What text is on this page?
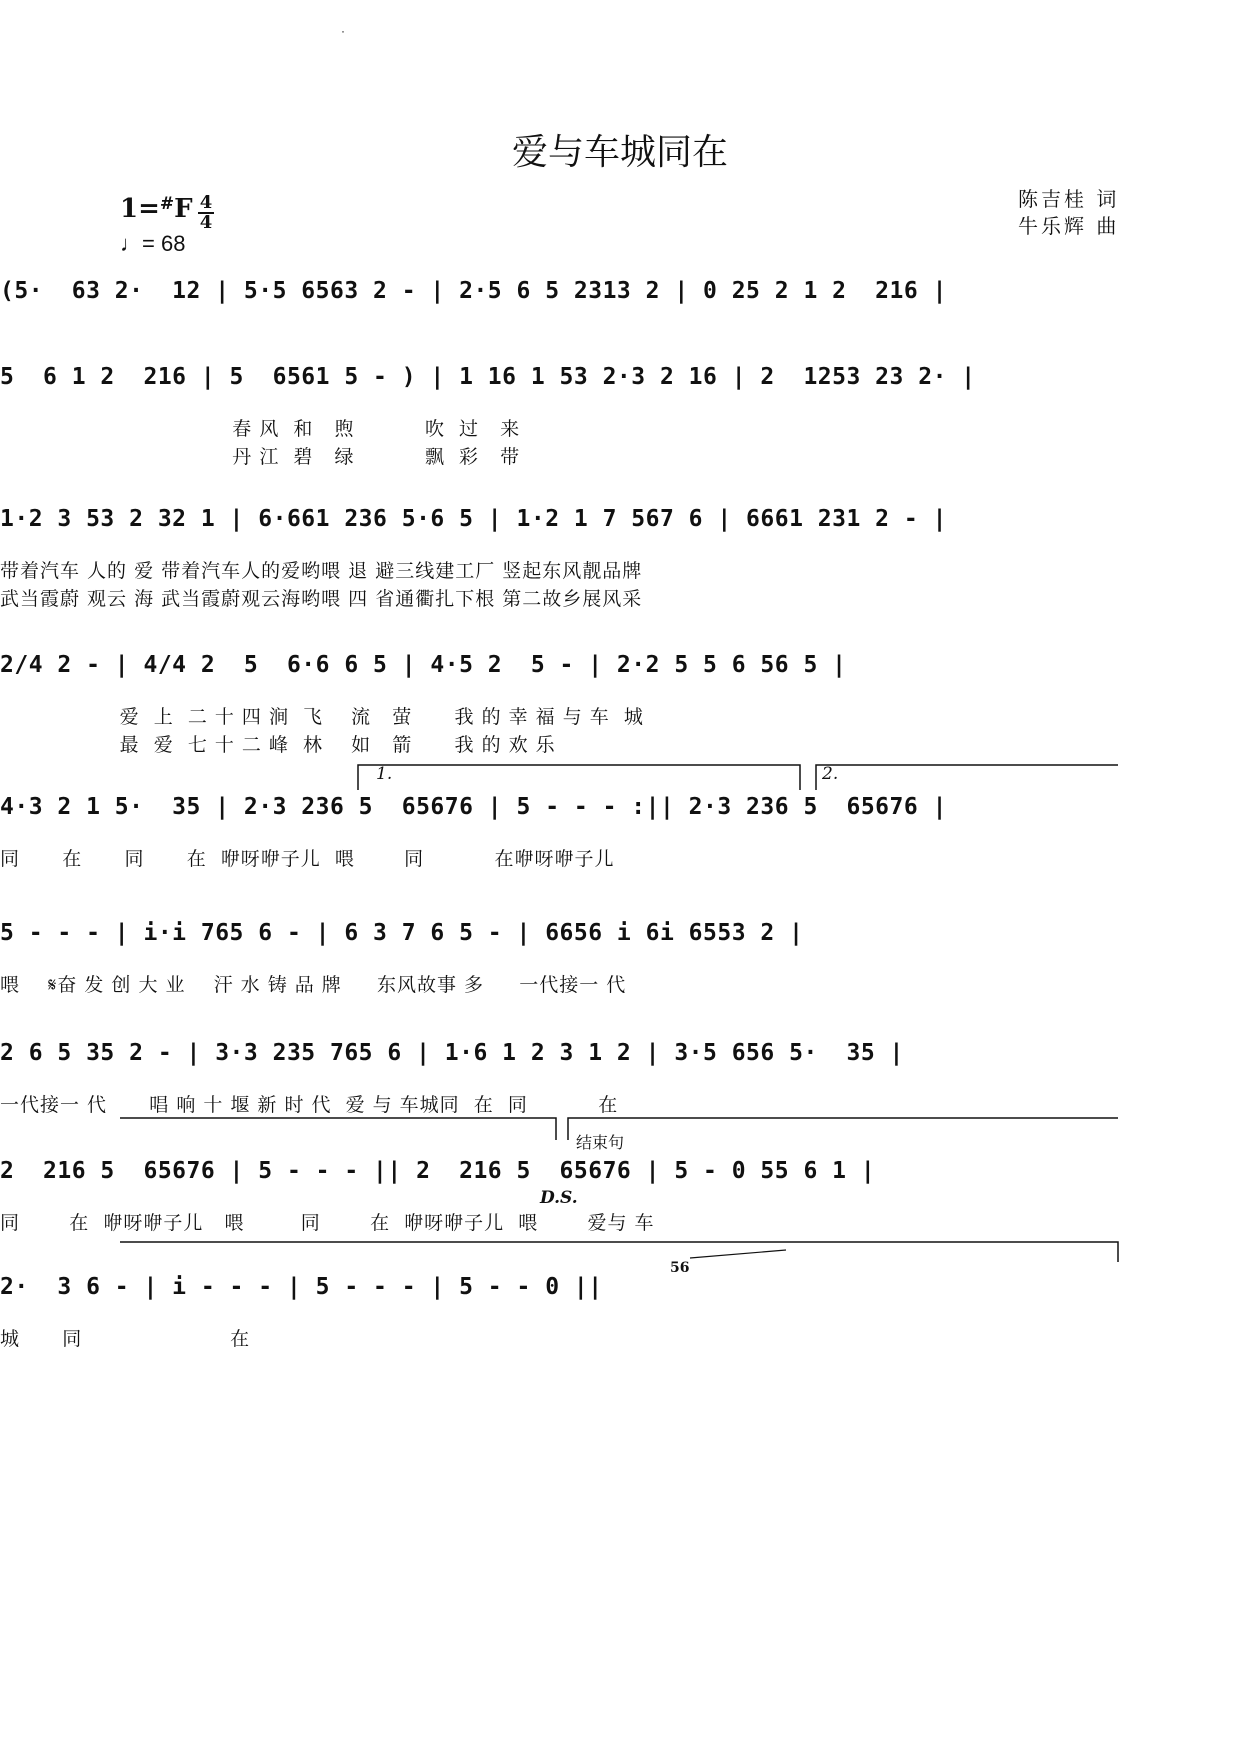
·
爱与车城同在
1=#F 4
4
♩= 68
陈吉桂 词
牛乐辉 曲
(5·  63 2·  12 | 5·5 6563 2 - | 2·5 6 5 2313 2 | 0 25 2 1 2  216 |
5  6 1 2  216 | 5  6561 5 - ) | 1 16 1 53 2·3 2 16 | 2  1253 23 2· |
春 风  和   煦          吹  过   来
丹 江  碧   绿          飘  彩   带
1·2 3 53 2 32 1 | 6·661 236 5·6 5 | 1·2 1 7 567 6 | 6661 231 2 - |
带着汽车 人的 爱 带着汽车人的爱哟喂 退 避三线建工厂 竖起东风靓品牌
武当霞蔚 观云 海 武当霞蔚观云海哟喂 四 省通衢扎下根 第二故乡展风采
2/4 2 - | 4/4 2  5  6·6 6 5 | 4·5 2  5 - | 2·2 5 5 6 56 5 |
爱  上  二 十 四 涧  飞    流   萤      我 的 幸 福 与 车  城
最  爱  七 十 二 峰  林    如   箭      我 的 欢 乐
4·3 2 1 5·  35 | 2·3 236 5  65676 | 5 - - - :|| 2·3 236 5  65676 |
同      在      同      在  咿呀咿子儿  喂       同          在咿呀咿子儿
1.	2.
5 - - - | i·i 765 6 - | 6 3 7 6 5 - | 6656 i 6i 6553 2 |
喂    𝄋奋 发 创 大 业    汗 水 铸 品 牌     东风故事 多     一代接一 代
2 6 5 35 2 - | 3·3 235 765 6 | 1·6 1 2 3 1 2 | 3·5 656 5·  35 |
一代接一 代      唱 响 十 堰 新 时 代  爱 与 车城同  在  同          在
2  216 5  65676 | 5 - - - || 2  216 5  65676 | 5 - 0 55 6 1 |
同       在  咿呀咿子儿   喂        同       在  咿呀咿子儿  喂       爱与 车
结束句
D.S.
2·  3 6 - | i - - - | 5 - - - | 5 - - 0 ||
城      同                     在
56
